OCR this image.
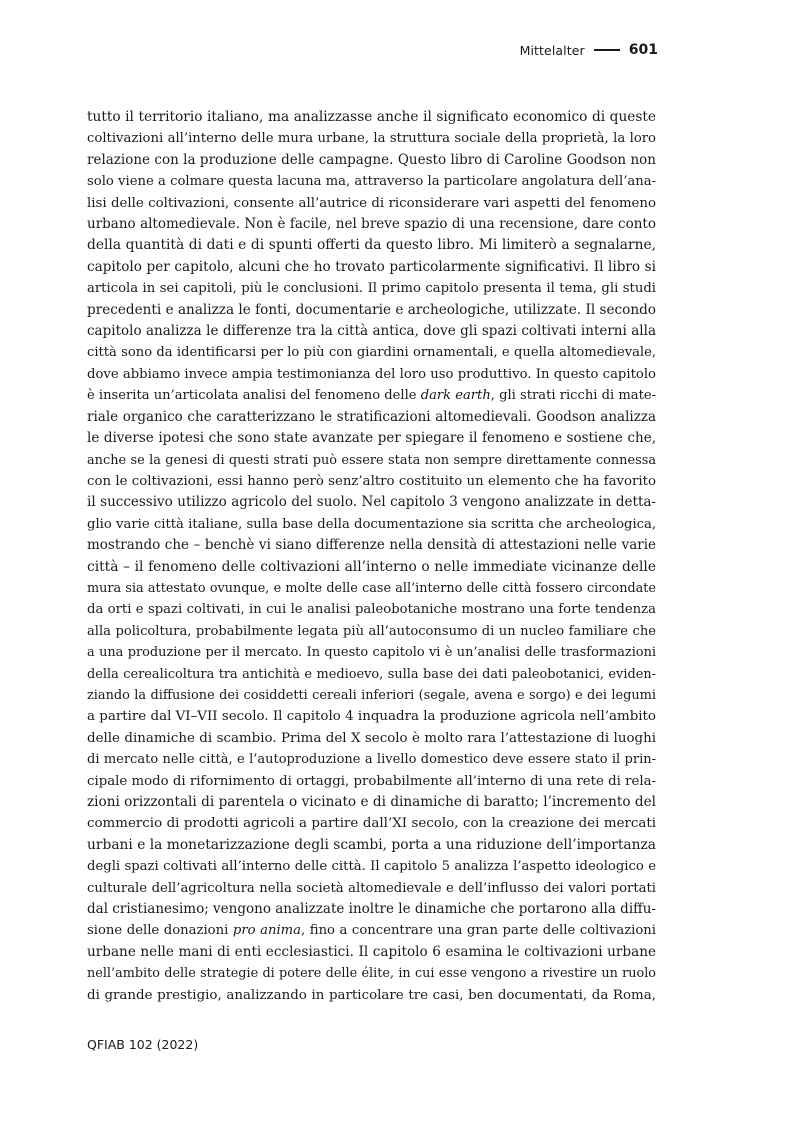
Mittelalter	601
tutto il territorio italiano, ma analizzasse anche il significato economico di queste
coltivazioni all’interno delle mura urbane, la struttura sociale della proprietà, la loro
relazione con la produzione delle campagne. Questo libro di Caroline Goodson non
solo viene a colmare questa lacuna ma, attraverso la particolare angolatura dell’ana-
lisi delle coltivazioni, consente all’autrice di riconsiderare vari aspetti del fenomeno
urbano altomedievale. Non è facile, nel breve spazio di una recensione, dare conto
della quantità di dati e di spunti offerti da questo libro. Mi limiterò a segnalarne,
capitolo per capitolo, alcuni che ho trovato particolarmente significativi. Il libro si
articola in sei capitoli, più le conclusioni. Il primo capitolo presenta il tema, gli studi
precedenti e analizza le fonti, documentarie e archeologiche, utilizzate. Il secondo
capitolo analizza le differenze tra la città antica, dove gli spazi coltivati interni alla
città sono da identificarsi per lo più con giardini ornamentali, e quella altomedievale,
dove abbiamo invece ampia testimonianza del loro uso produttivo. In questo capitolo
è inserita un’articolata analisi del fenomeno delle dark earth, gli strati ricchi di mate-
riale organico che caratterizzano le stratificazioni altomedievali. Goodson analizza
le diverse ipotesi che sono state avanzate per spiegare il fenomeno e sostiene che,
anche se la genesi di questi strati può essere stata non sempre direttamente connessa
con le coltivazioni, essi hanno però senz’altro costituito un elemento che ha favorito
il successivo utilizzo agricolo del suolo. Nel capitolo 3 vengono analizzate in detta-
glio varie città italiane, sulla base della documentazione sia scritta che archeologica,
mostrando che – benchè vi siano differenze nella densità di attestazioni nelle varie
città – il fenomeno delle coltivazioni all’interno o nelle immediate vicinanze delle
mura sia attestato ovunque, e molte delle case all’interno delle città fossero circondate
da orti e spazi coltivati, in cui le analisi paleobotaniche mostrano una forte tendenza
alla policoltura, probabilmente legata più all’autoconsumo di un nucleo familiare che
a una produzione per il mercato. In questo capitolo vi è un’analisi delle trasformazioni
della cerealicoltura tra antichità e medioevo, sulla base dei dati paleobotanici, eviden-
ziando la diffusione dei cosiddetti cereali inferiori (segale, avena e sorgo) e dei legumi
a partire dal VI–VII secolo. Il capitolo 4 inquadra la produzione agricola nell’ambito
delle dinamiche di scambio. Prima del X secolo è molto rara l’attestazione di luoghi
di mercato nelle città, e l’autoproduzione a livello domestico deve essere stato il prin-
cipale modo di rifornimento di ortaggi, probabilmente all’interno di una rete di rela-
zioni orizzontali di parentela o vicinato e di dinamiche di baratto; l’incremento del
commercio di prodotti agricoli a partire dall’XI secolo, con la creazione dei mercati
urbani e la monetarizzazione degli scambi, porta a una riduzione dell’importanza
degli spazi coltivati all’interno delle città. Il capitolo 5 analizza l’aspetto ideologico e
culturale dell’agricoltura nella società altomedievale e dell’influsso dei valori portati
dal cristianesimo; vengono analizzate inoltre le dinamiche che portarono alla diffu-
sione delle donazioni pro anima, fino a concentrare una gran parte delle coltivazioni
urbane nelle mani di enti ecclesiastici. Il capitolo 6 esamina le coltivazioni urbane
nell’ambito delle strategie di potere delle élite, in cui esse vengono a rivestire un ruolo
di grande prestigio, analizzando in particolare tre casi, ben documentati, da Roma,
QFIAB 102 (2022)
